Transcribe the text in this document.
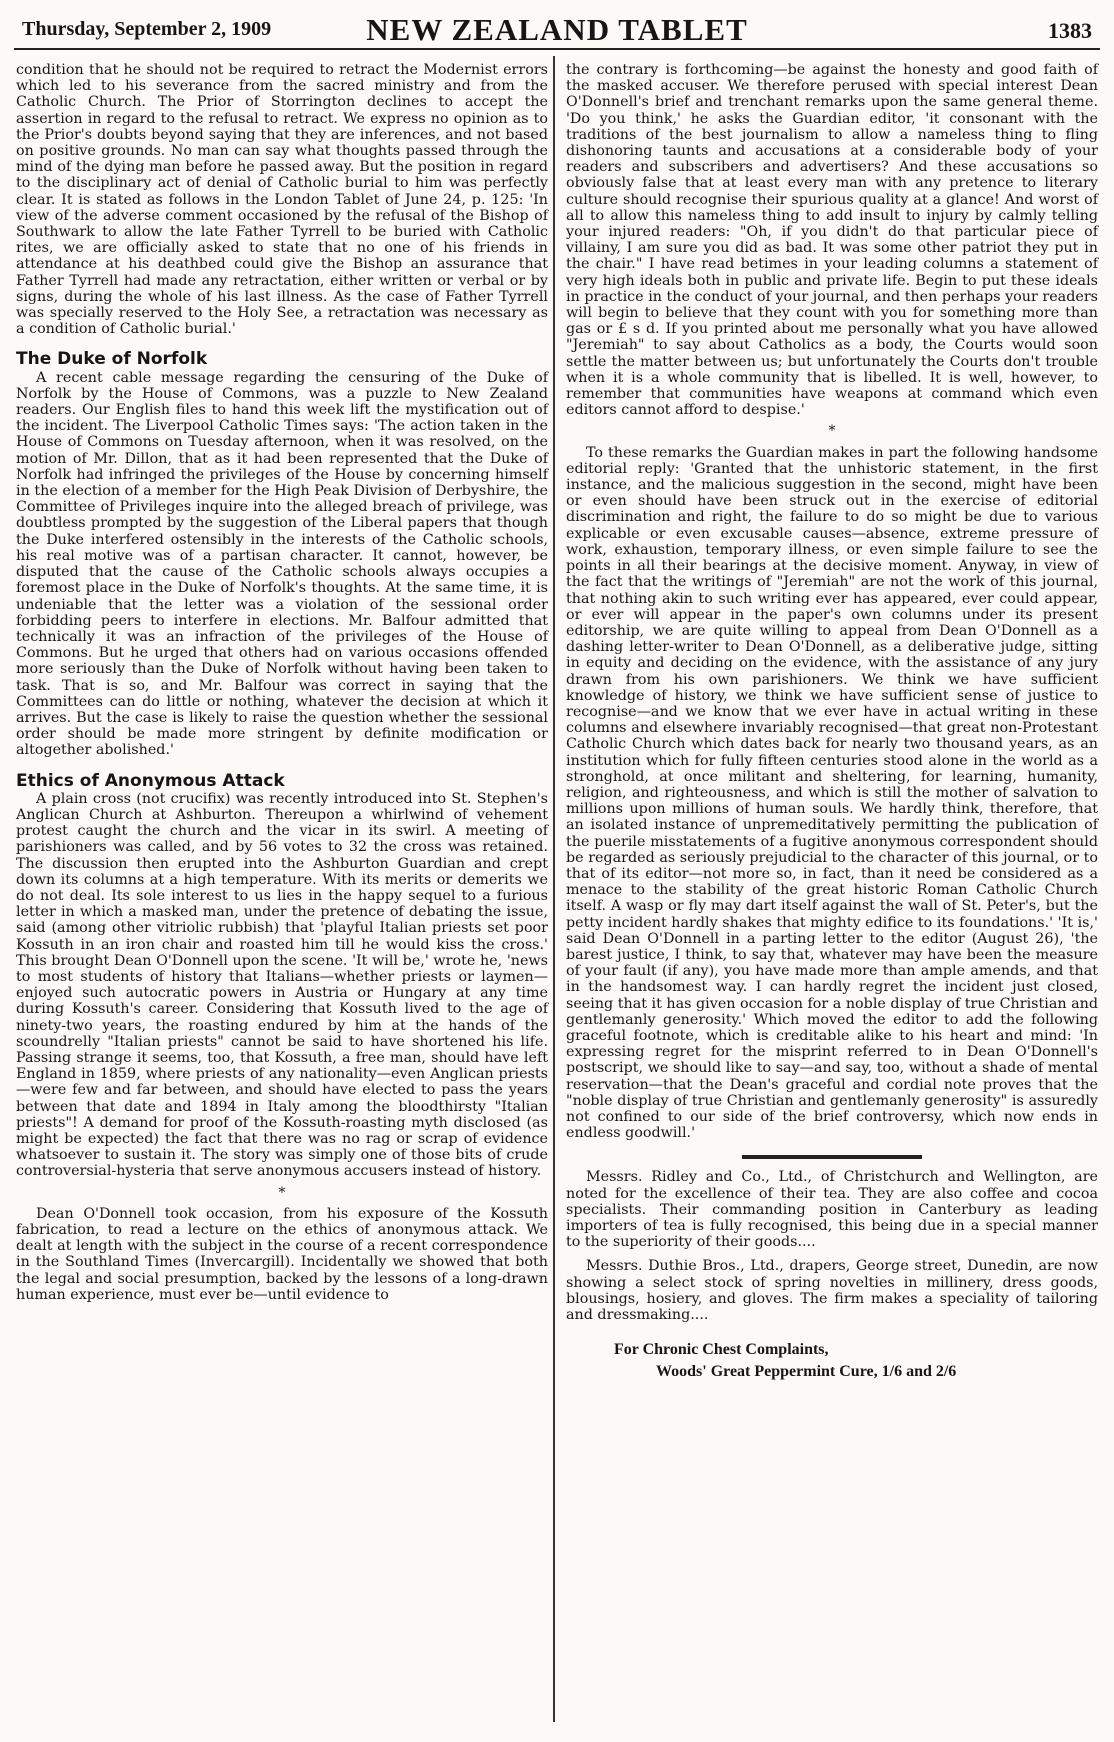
Thursday, September 2, 1909	NEW ZEALAND TABLET	1383

condition that he should not be required to retract the Modernist errors which led to his severance from the sacred ministry and from the Catholic Church. The Prior of Storrington declines to accept the assertion in regard to the refusal to retract. We express no opinion as to the Prior's doubts beyond saying that they are inferences, and not based on positive grounds. No man can say what thoughts passed through the mind of the dying man before he passed away. But the position in regard to the disciplinary act of denial of Catholic burial to him was perfectly clear. It is stated as follows in the London Tablet of June 24, p. 125: 'In view of the adverse comment occasioned by the refusal of the Bishop of Southwark to allow the late Father Tyrrell to be buried with Catholic rites, we are officially asked to state that no one of his friends in attendance at his deathbed could give the Bishop an assurance that Father Tyrrell had made any retractation, either written or verbal or by signs, during the whole of his last illness. As the case of Father Tyrrell was specially reserved to the Holy See, a retractation was necessary as a condition of Catholic burial.'

The Duke of Norfolk

A recent cable message regarding the censuring of the Duke of Norfolk by the House of Commons, was a puzzle to New Zealand readers. Our English files to hand this week lift the mystification out of the incident. The Liverpool Catholic Times says: 'The action taken in the House of Commons on Tuesday afternoon, when it was resolved, on the motion of Mr. Dillon, that as it had been represented that the Duke of Norfolk had infringed the privileges of the House by concerning himself in the election of a member for the High Peak Division of Derbyshire, the Committee of Privileges inquire into the alleged breach of privilege, was doubtless prompted by the suggestion of the Liberal papers that though the Duke interfered ostensibly in the interests of the Catholic schools, his real motive was of a partisan character. It cannot, however, be disputed that the cause of the Catholic schools always occupies a foremost place in the Duke of Norfolk's thoughts. At the same time, it is undeniable that the letter was a violation of the sessional order forbidding peers to interfere in elections. Mr. Balfour admitted that technically it was an infraction of the privileges of the House of Commons. But he urged that others had on various occasions offended more seriously than the Duke of Norfolk without having been taken to task. That is so, and Mr. Balfour was correct in saying that the Committees can do little or nothing, whatever the decision at which it arrives. But the case is likely to raise the question whether the sessional order should be made more stringent by definite modification or altogether abolished.'

Ethics of Anonymous Attack

A plain cross (not crucifix) was recently introduced into St. Stephen's Anglican Church at Ashburton. Thereupon a whirlwind of vehement protest caught the church and the vicar in its swirl. A meeting of parishioners was called, and by 56 votes to 32 the cross was retained. The discussion then erupted into the Ashburton Guardian and crept down its columns at a high temperature. With its merits or demerits we do not deal. Its sole interest to us lies in the happy sequel to a furious letter in which a masked man, under the pretence of debating the issue, said (among other vitriolic rubbish) that 'playful Italian priests set poor Kossuth in an iron chair and roasted him till he would kiss the cross.' This brought Dean O'Donnell upon the scene. 'It will be,' wrote he, 'news to most students of history that Italians—whether priests or laymen—enjoyed such autocratic powers in Austria or Hungary at any time during Kossuth's career. Considering that Kossuth lived to the age of ninety-two years, the roasting endured by him at the hands of the scoundrelly "Italian priests" cannot be said to have shortened his life. Passing strange it seems, too, that Kossuth, a free man, should have left England in 1859, where priests of any nationality—even Anglican priests—were few and far between, and should have elected to pass the years between that date and 1894 in Italy among the bloodthirsty "Italian priests"! A demand for proof of the Kossuth-roasting myth disclosed (as might be expected) the fact that there was no rag or scrap of evidence whatsoever to sustain it. The story was simply one of those bits of crude controversial-hysteria that serve anonymous accusers instead of history.

*

Dean O'Donnell took occasion, from his exposure of the Kossuth fabrication, to read a lecture on the ethics of anonymous attack. We dealt at length with the subject in the course of a recent correspondence in the Southland Times (Invercargill). Incidentally we showed that both the legal and social presumption, backed by the lessons of a long-drawn human experience, must ever be—until evidence to

the contrary is forthcoming—be against the honesty and good faith of the masked accuser. We therefore perused with special interest Dean O'Donnell's brief and trenchant remarks upon the same general theme. 'Do you think,' he asks the Guardian editor, 'it consonant with the traditions of the best journalism to allow a nameless thing to fling dishonoring taunts and accusations at a considerable body of your readers and subscribers and advertisers? And these accusations so obviously false that at least every man with any pretence to literary culture should recognise their spurious quality at a glance! And worst of all to allow this nameless thing to add insult to injury by calmly telling your injured readers: "Oh, if you didn't do that particular piece of villainy, I am sure you did as bad. It was some other patriot they put in the chair." I have read betimes in your leading columns a statement of very high ideals both in public and private life. Begin to put these ideals in practice in the conduct of your journal, and then perhaps your readers will begin to believe that they count with you for something more than gas or £ s d. If you printed about me personally what you have allowed "Jeremiah" to say about Catholics as a body, the Courts would soon settle the matter between us; but unfortunately the Courts don't trouble when it is a whole community that is libelled. It is well, however, to remember that communities have weapons at command which even editors cannot afford to despise.'

*

To these remarks the Guardian makes in part the following handsome editorial reply: 'Granted that the unhistoric statement, in the first instance, and the malicious suggestion in the second, might have been or even should have been struck out in the exercise of editorial discrimination and right, the failure to do so might be due to various explicable or even excusable causes—absence, extreme pressure of work, exhaustion, temporary illness, or even simple failure to see the points in all their bearings at the decisive moment. Anyway, in view of the fact that the writings of "Jeremiah" are not the work of this journal, that nothing akin to such writing ever has appeared, ever could appear, or ever will appear in the paper's own columns under its present editorship, we are quite willing to appeal from Dean O'Donnell as a dashing letter-writer to Dean O'Donnell, as a deliberative judge, sitting in equity and deciding on the evidence, with the assistance of any jury drawn from his own parishioners. We think we have sufficient knowledge of history, we think we have sufficient sense of justice to recognise—and we know that we ever have in actual writing in these columns and elsewhere invariably recognised—that great non-Protestant Catholic Church which dates back for nearly two thousand years, as an institution which for fully fifteen centuries stood alone in the world as a stronghold, at once militant and sheltering, for learning, humanity, religion, and righteousness, and which is still the mother of salvation to millions upon millions of human souls. We hardly think, therefore, that an isolated instance of unpremeditatively permitting the publication of the puerile misstatements of a fugitive anonymous correspondent should be regarded as seriously prejudicial to the character of this journal, or to that of its editor—not more so, in fact, than it need be considered as a menace to the stability of the great historic Roman Catholic Church itself. A wasp or fly may dart itself against the wall of St. Peter's, but the petty incident hardly shakes that mighty edifice to its foundations.' 'It is,' said Dean O'Donnell in a parting letter to the editor (August 26), 'the barest justice, I think, to say that, whatever may have been the measure of your fault (if any), you have made more than ample amends, and that in the handsomest way. I can hardly regret the incident just closed, seeing that it has given occasion for a noble display of true Christian and gentlemanly generosity.' Which moved the editor to add the following graceful footnote, which is creditable alike to his heart and mind: 'In expressing regret for the misprint referred to in Dean O'Donnell's postscript, we should like to say—and say, too, without a shade of mental reservation—that the Dean's graceful and cordial note proves that the "noble display of true Christian and gentlemanly generosity" is assuredly not confined to our side of the brief controversy, which now ends in endless goodwill.'

Messrs. Ridley and Co., Ltd., of Christchurch and Wellington, are noted for the excellence of their tea. They are also coffee and cocoa specialists. Their commanding position in Canterbury as leading importers of tea is fully recognised, this being due in a special manner to the superiority of their goods....

Messrs. Duthie Bros., Ltd., drapers, George street, Dunedin, are now showing a select stock of spring novelties in millinery, dress goods, blousings, hosiery, and gloves. The firm makes a speciality of tailoring and dressmaking....

For Chronic Chest Complaints,
Woods' Great Peppermint Cure, 1/6 and 2/6
